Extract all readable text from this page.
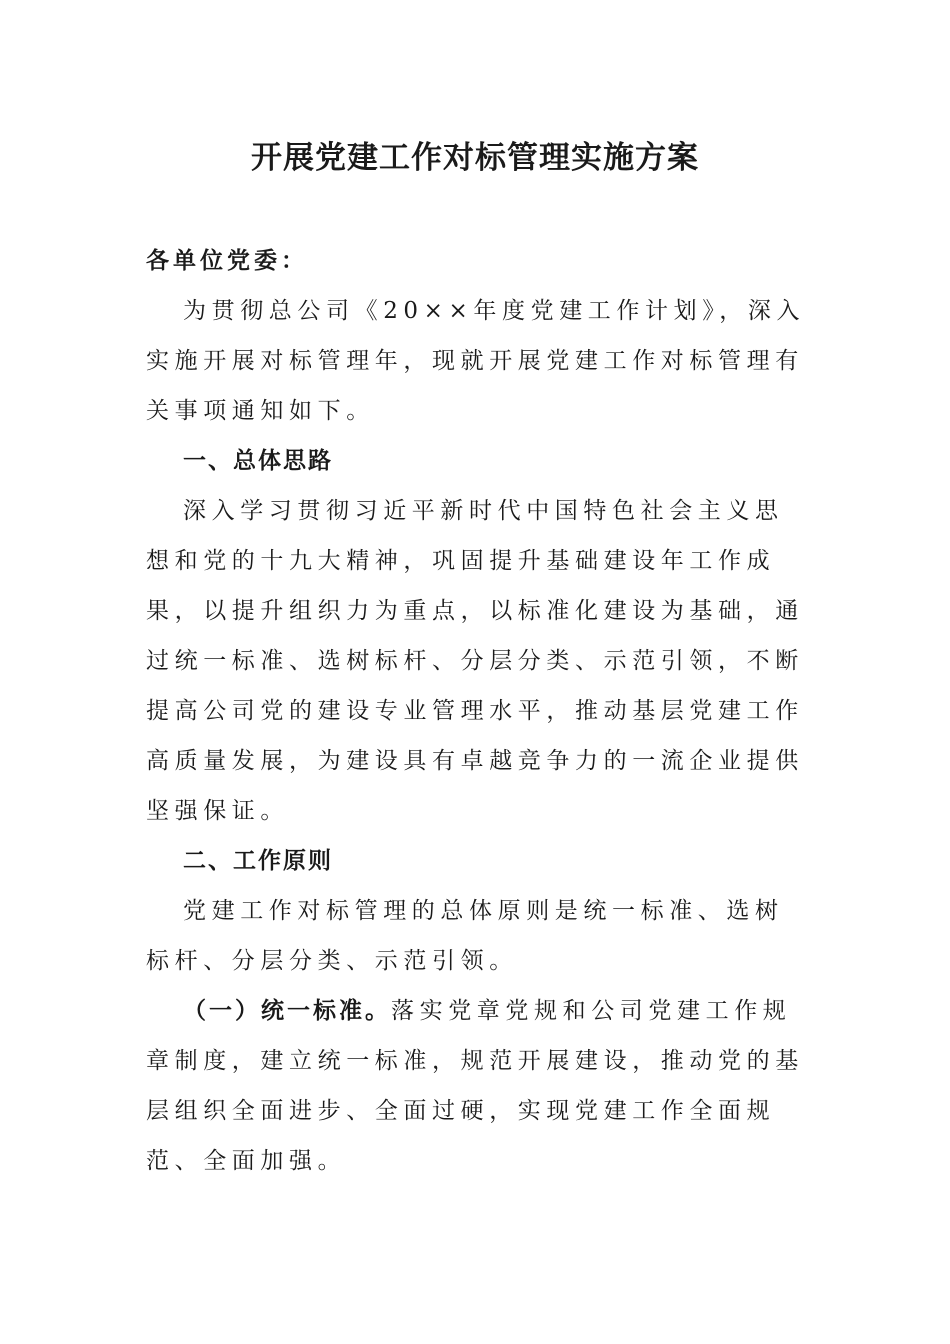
开展党建工作对标管理实施方案

各单位党委：

为贯彻总公司《20××年度党建工作计划》，深入实施开展对标管理年，现就开展党建工作对标管理有关事项通知如下。

一、总体思路

深入学习贯彻习近平新时代中国特色社会主义思想和党的十九大精神，巩固提升基础建设年工作成果，以提升组织力为重点，以标准化建设为基础，通过统一标准、选树标杆、分层分类、示范引领，不断提高公司党的建设专业管理水平，推动基层党建工作高质量发展，为建设具有卓越竞争力的一流企业提供坚强保证。

二、工作原则

党建工作对标管理的总体原则是统一标准、选树标杆、分层分类、示范引领。

（一）统一标准。落实党章党规和公司党建工作规章制度，建立统一标准，规范开展建设，推动党的基层组织全面进步、全面过硬，实现党建工作全面规范、全面加强。
